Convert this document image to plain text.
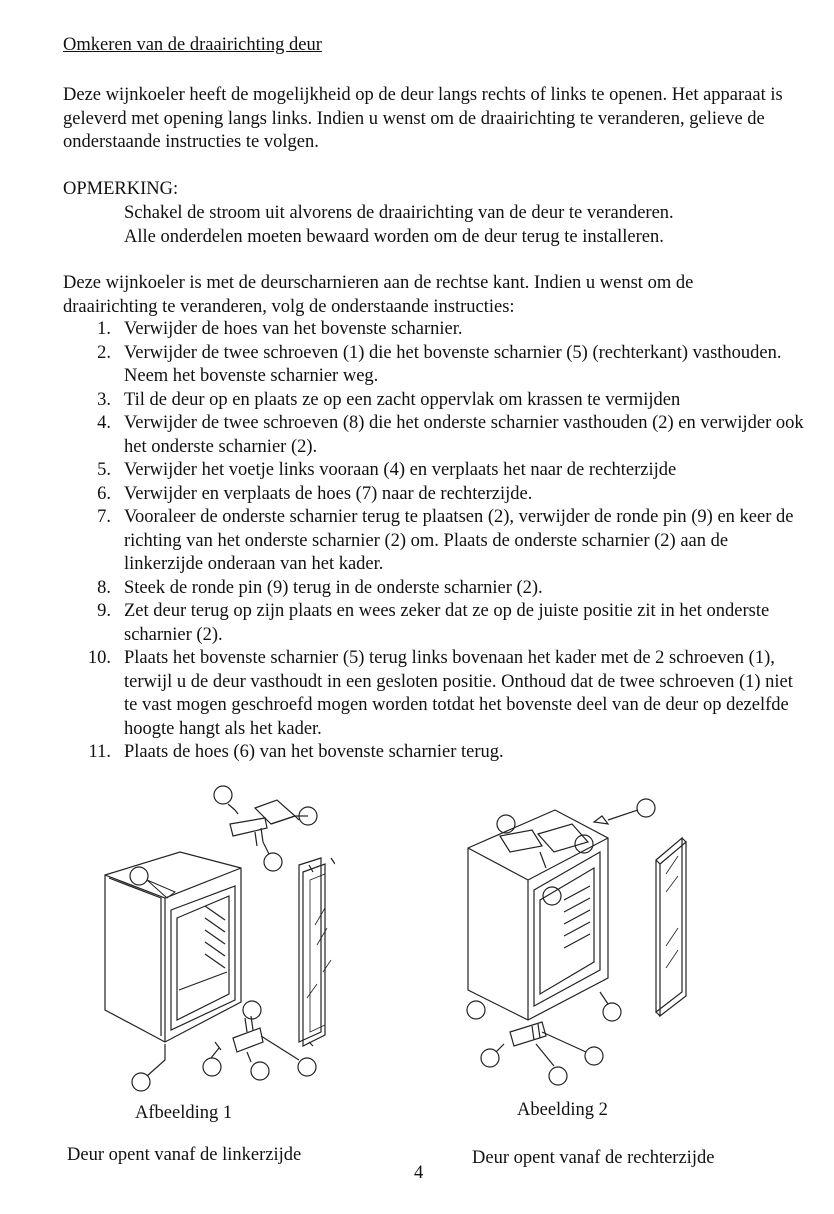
Omkeren van de draairichting deur
Deze wijnkoeler heeft de mogelijkheid op de deur langs rechts of links te openen. Het apparaat is geleverd met opening langs links. Indien u wenst om de draairichting te veranderen, gelieve de onderstaande instructies te volgen.
OPMERKING:
Schakel de stroom uit alvorens de draairichting van de deur te veranderen.
Alle onderdelen moeten bewaard worden om de deur terug te installeren.
Deze wijnkoeler is met de deurscharnieren aan de rechtse kant. Indien u wenst om de draairichting te veranderen, volg de onderstaande instructies:
1. Verwijder de hoes van het bovenste scharnier.
2. Verwijder de twee schroeven (1) die het bovenste scharnier (5) (rechterkant) vasthouden. Neem het bovenste scharnier weg.
3. Til de deur op en plaats ze op een zacht oppervlak om krassen te vermijden
4. Verwijder de twee schroeven (8) die het onderste scharnier vasthouden (2) en verwijder ook het onderste scharnier (2).
5. Verwijder het voetje links vooraan (4) en verplaats het naar de rechterzijde
6. Verwijder en verplaats de hoes (7) naar de rechterzijde.
7. Vooraleer de onderste scharnier terug te plaatsen (2), verwijder de ronde pin (9) en keer de richting van het onderste scharnier (2) om. Plaats de onderste scharnier (2) aan de linkerzijde onderaan van het kader.
8. Steek de ronde pin (9) terug in de onderste scharnier (2).
9. Zet deur terug op zijn plaats en wees zeker dat ze op de juiste positie zit in het onderste scharnier (2).
10. Plaats het bovenste scharnier (5) terug links bovenaan het kader met de 2 schroeven (1), terwijl u de deur vasthoudt in een gesloten positie. Onthoud dat de twee schroeven (1) niet te vast mogen geschroefd mogen worden totdat het bovenste deel van de deur op dezelfde hoogte hangt als het kader.
11. Plaats de hoes (6) van het bovenste scharnier terug.
Afbeelding 1	Abeelding 2
Deur opent vanaf de linkerzijde	Deur opent vanaf de rechterzijde
4
